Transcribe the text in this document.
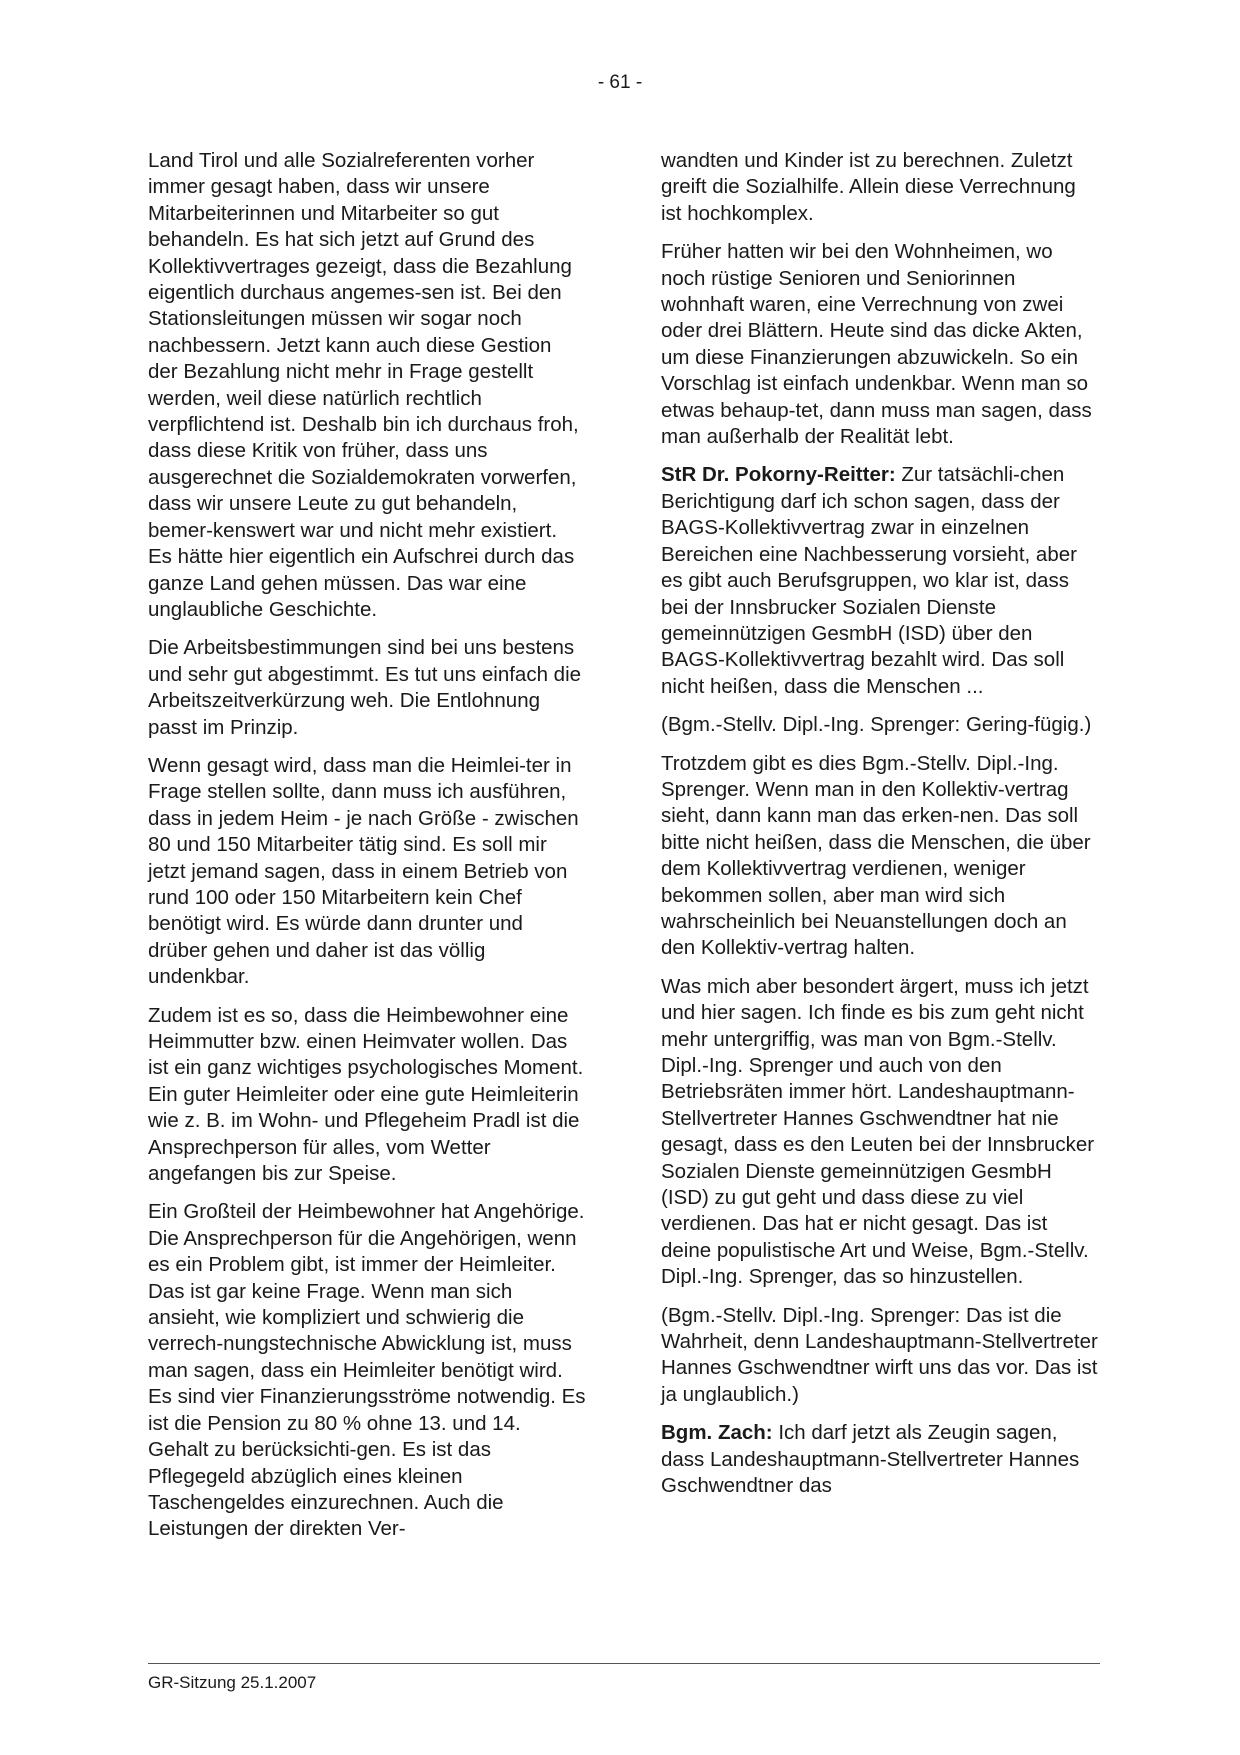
- 61 -

Land Tirol und alle Sozialreferenten vorher immer gesagt haben, dass wir unsere Mitarbeiterinnen und Mitarbeiter so gut behandeln. Es hat sich jetzt auf Grund des Kollektivvertrages gezeigt, dass die Bezahlung eigentlich durchaus angemes-sen ist. Bei den Stationsleitungen müssen wir sogar noch nachbessern. Jetzt kann auch diese Gestion der Bezahlung nicht mehr in Frage gestellt werden, weil diese natürlich rechtlich verpflichtend ist. Deshalb bin ich durchaus froh, dass diese Kritik von früher, dass uns ausgerechnet die Sozialdemokraten vorwerfen, dass wir unsere Leute zu gut behandeln, bemer-kenswert war und nicht mehr existiert. Es hätte hier eigentlich ein Aufschrei durch das ganze Land gehen müssen. Das war eine unglaubliche Geschichte.

Die Arbeitsbestimmungen sind bei uns bestens und sehr gut abgestimmt. Es tut uns einfach die Arbeitszeitverkürzung weh. Die Entlohnung passt im Prinzip.

Wenn gesagt wird, dass man die Heimlei-ter in Frage stellen sollte, dann muss ich ausführen, dass in jedem Heim - je nach Größe - zwischen 80 und 150 Mitarbeiter tätig sind. Es soll mir jetzt jemand sagen, dass in einem Betrieb von rund 100 oder 150 Mitarbeitern kein Chef benötigt wird. Es würde dann drunter und drüber gehen und daher ist das völlig undenkbar.

Zudem ist es so, dass die Heimbewohner eine Heimmutter bzw. einen Heimvater wollen. Das ist ein ganz wichtiges psychologisches Moment. Ein guter Heimleiter oder eine gute Heimleiterin wie z. B. im Wohn- und Pflegeheim Pradl ist die Ansprechperson für alles, vom Wetter angefangen bis zur Speise.

Ein Großteil der Heimbewohner hat Angehörige. Die Ansprechperson für die Angehörigen, wenn es ein Problem gibt, ist immer der Heimleiter. Das ist gar keine Frage. Wenn man sich ansieht, wie kompliziert und schwierig die verrech-nungstechnische Abwicklung ist, muss man sagen, dass ein Heimleiter benötigt wird. Es sind vier Finanzierungsströme notwendig. Es ist die Pension zu 80 % ohne 13. und 14. Gehalt zu berücksichti-gen. Es ist das Pflegegeld abzüglich eines kleinen Taschengeldes einzurechnen. Auch die Leistungen der direkten Ver-

wandten und Kinder ist zu berechnen. Zuletzt greift die Sozialhilfe. Allein diese Verrechnung ist hochkomplex.

Früher hatten wir bei den Wohnheimen, wo noch rüstige Senioren und Seniorinnen wohnhaft waren, eine Verrechnung von zwei oder drei Blättern. Heute sind das dicke Akten, um diese Finanzierungen abzuwickeln. So ein Vorschlag ist einfach undenkbar. Wenn man so etwas behaup-tet, dann muss man sagen, dass man außerhalb der Realität lebt.

StR Dr. Pokorny-Reitter: Zur tatsächli-chen Berichtigung darf ich schon sagen, dass der BAGS-Kollektivvertrag zwar in einzelnen Bereichen eine Nachbesserung vorsieht, aber es gibt auch Berufsgruppen, wo klar ist, dass bei der Innsbrucker Sozialen Dienste gemeinnützigen GesmbH (ISD) über den BAGS-Kollektivvertrag bezahlt wird. Das soll nicht heißen, dass die Menschen ...

(Bgm.-Stellv. Dipl.-Ing. Sprenger: Gering-fügig.)

Trotzdem gibt es dies Bgm.-Stellv. Dipl.-Ing. Sprenger. Wenn man in den Kollektiv-vertrag sieht, dann kann man das erken-nen. Das soll bitte nicht heißen, dass die Menschen, die über dem Kollektivvertrag verdienen, weniger bekommen sollen, aber man wird sich wahrscheinlich bei Neuanstellungen doch an den Kollektiv-vertrag halten.

Was mich aber besondert ärgert, muss ich jetzt und hier sagen. Ich finde es bis zum geht nicht mehr untergriffig, was man von Bgm.-Stellv. Dipl.-Ing. Sprenger und auch von den Betriebsräten immer hört. Landeshauptmann-Stellvertreter Hannes Gschwendtner hat nie gesagt, dass es den Leuten bei der Innsbrucker Sozialen Dienste gemeinnützigen GesmbH (ISD) zu gut geht und dass diese zu viel verdienen. Das hat er nicht gesagt. Das ist deine populistische Art und Weise, Bgm.-Stellv. Dipl.-Ing. Sprenger, das so hinzustellen.

(Bgm.-Stellv. Dipl.-Ing. Sprenger: Das ist die Wahrheit, denn Landeshauptmann-Stellvertreter Hannes Gschwendtner wirft uns das vor. Das ist ja unglaublich.)

Bgm. Zach: Ich darf jetzt als Zeugin sagen, dass Landeshauptmann-Stellvertreter Hannes Gschwendtner das

GR-Sitzung 25.1.2007
